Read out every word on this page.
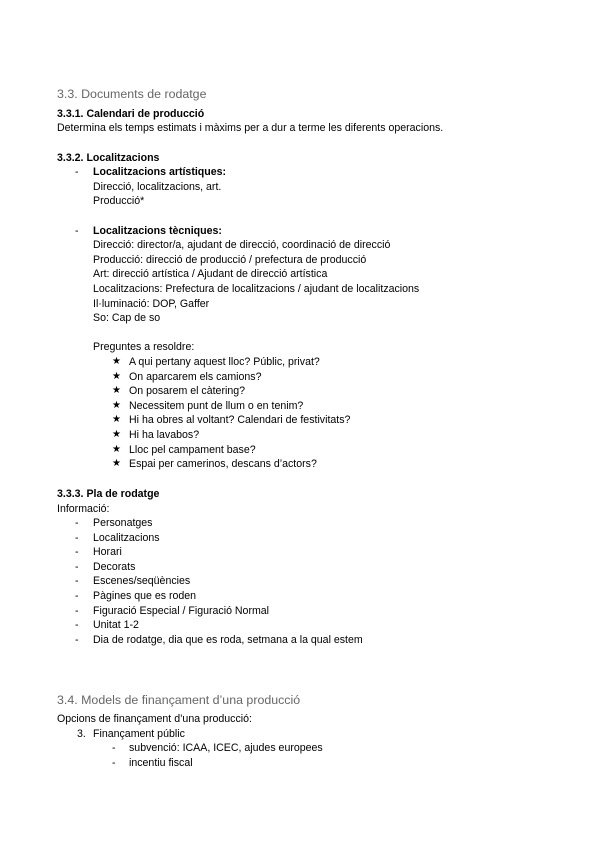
3.3. Documents de rodatge
3.3.1. Calendari de producció
Determina els temps estimats i màxims per a dur a terme les diferents operacions.
3.3.2. Localitzacions
- Localitzacions artístiques:
Direcció, localitzacions, art.
Producció*
- Localitzacions tècniques:
Direcció: director/a, ajudant de direcció, coordinació de direcció
Producció: direcció de producció / prefectura de producció
Art: direcció artística / Ajudant de direcció artística
Localitzacions: Prefectura de localitzacions / ajudant de localitzacions
Il·luminació: DOP, Gaffer
So: Cap de so
Preguntes a resoldre:
★ A qui pertany aquest lloc? Públic, privat?
★ On aparcarem els camions?
★ On posarem el càtering?
★ Necessitem punt de llum o en tenim?
★ Hi ha obres al voltant? Calendari de festivitats?
★ Hi ha lavabos?
★ Lloc pel campament base?
★ Espai per camerinos, descans d’actors?
3.3.3. Pla de rodatge
Informació:
- Personatges
- Localitzacions
- Horari
- Decorats
- Escenes/seqüències
- Pàgines que es roden
- Figuració Especial / Figuració Normal
- Unitat 1-2
- Dia de rodatge, dia que es roda, setmana a la qual estem
3.4. Models de finançament d’una producció
Opcions de finançament d’una producció:
3. Finançament públic
- subvenció: ICAA, ICEC, ajudes europees
- incentiu fiscal
